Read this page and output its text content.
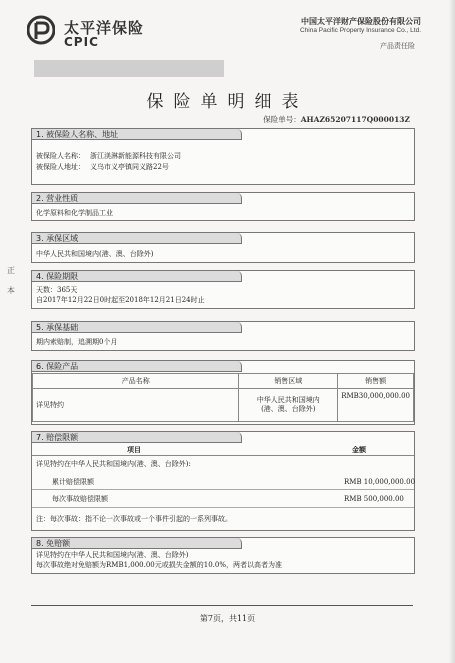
太平洋保险
CPIC
中国太平洋财产保险股份有限公司
China Pacific Property Insurance Co., Ltd.
产品责任险
保险单明细表
保险单号：AHAZ65207117Q000013Z
正
本
1. 被保险人名称、地址
被保险人名称： 浙江渼淋新能源科技有限公司
被保险人地址： 义乌市义亭镇同义路22号
2. 营业性质
化学原料和化学制品工业
3. 承保区域
中华人民共和国境内(港、澳、台除外)
4. 保险期限
天数：365天
自2017年12月22日0时起至2018年12月21日24时止
5. 承保基础
期内索赔制，追溯期0个月
6. 保险产品
产品名称	销售区域	销售额
详见特约	中华人民共和国境内
(港、澳、台除外)	RMB30,000,000.00
7. 赔偿限额
项目	金额
详见特约在中华人民共和国境内(港、澳、台除外):
累计赔偿限额	RMB 10,000,000.00
每次事故赔偿限额	RMB 500,000.00
注：每次事故：指不论一次事故或一个事件引起的一系列事故。
8. 免赔额
详见特约在中华人民共和国境内(港、澳、台除外)
每次事故绝对免赔额为RMB1,000.00元或损失金额的10.0%，两者以高者为准
第7页，共11页
